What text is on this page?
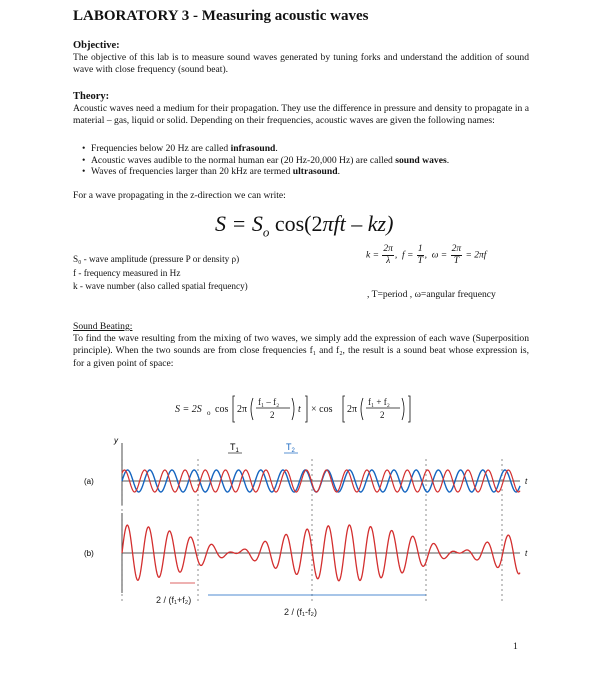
LABORATORY 3 - Measuring acoustic waves
Objective:
The objective of this lab is to measure sound waves generated by tuning forks and understand the addition of sound wave with close frequency (sound beat).
Theory:
Acoustic waves need a medium for their propagation. They use the difference in pressure and density to propagate in a material – gas, liquid or solid. Depending on their frequencies, acoustic waves are given the following names:
• Frequencies below 20 Hz are called infrasound.
• Acoustic waves audible to the normal human ear (20 Hz-20,000 Hz) are called sound waves.
• Waves of frequencies larger than 20 kHz are termed ultrasound.
For a wave propagating in the z-direction we can write:
$S = S_o$ cos(2πft – kz)
S₀ - wave amplitude (pressure P or density ρ)
f - frequency measured in Hz
k - wave number (also called spatial frequency)
$k = \frac{2\pi}{\lambda}$ ,  $f = \frac{1}{T}$ ,  $\omega = \frac{2\pi}{T} = 2\pi f$
, T=period , ω=angular frequency
Sound Beating:
To find the wave resulting from the mixing of two waves, we simply add the expression of each wave (Superposition principle). When the two sounds are from close frequencies f₁ and f₂, the result is a sound beat whose expression is, for a given point of space:
S = 2S o cos 2π
f₁ – f₂
2 t × cos 2π
f₁ + f₂
2
y
t
t
(a)
(b)
$T_1$	$T_2$
2 / (f₁+f₂)
2 / (f₁-f₂)
1
